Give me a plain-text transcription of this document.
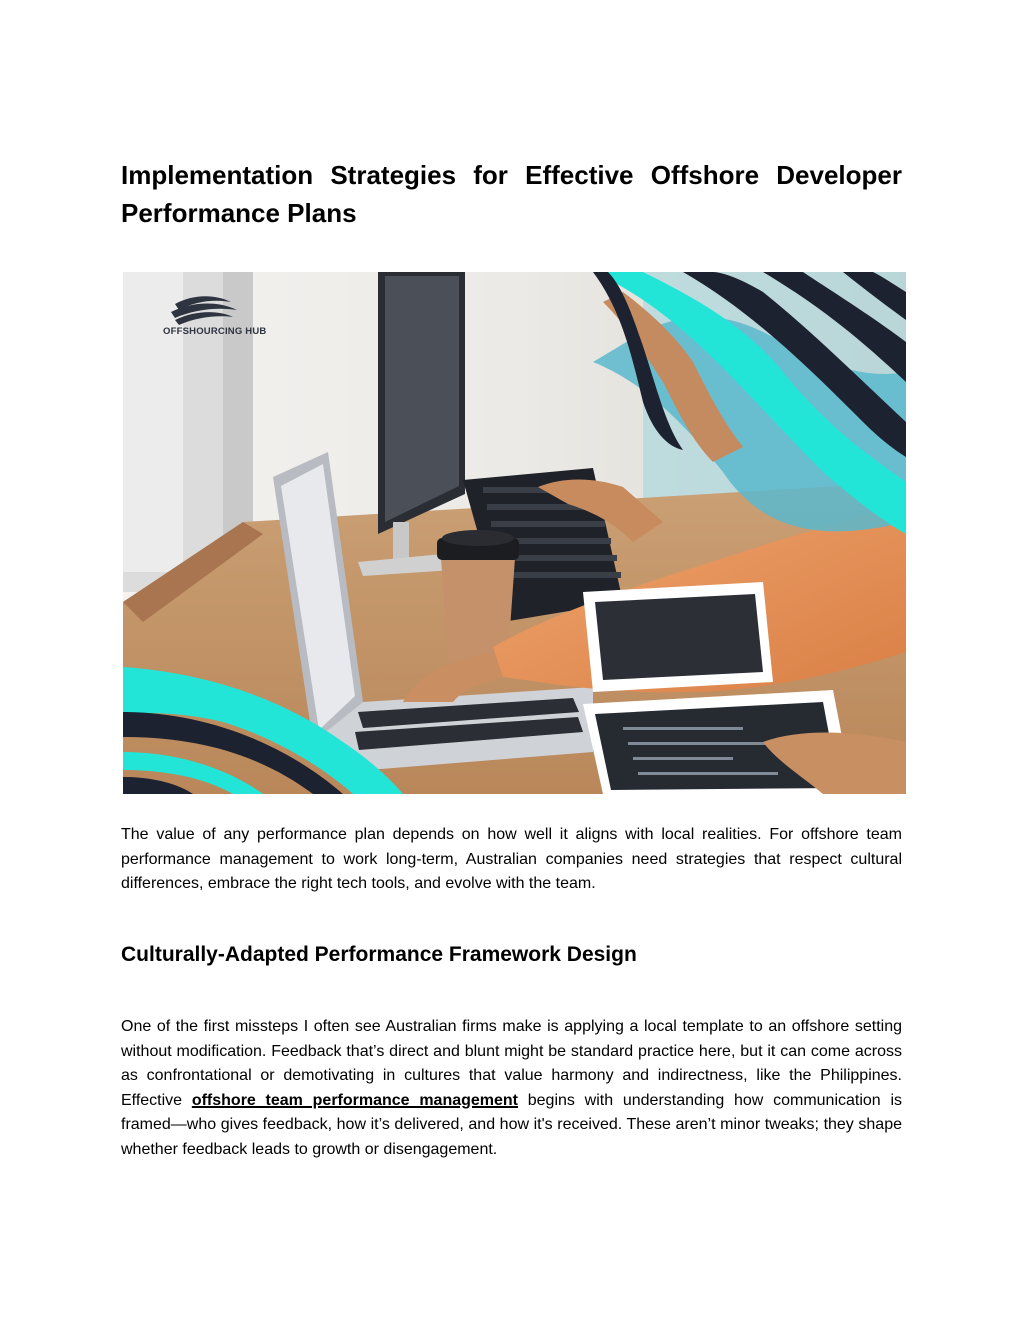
Implementation Strategies for Effective Offshore Developer Performance Plans
OFFSHOURCING HUB

The value of any performance plan depends on how well it aligns with local realities. For offshore team performance management to work long-term, Australian companies need strategies that respect cultural differences, embrace the right tech tools, and evolve with the team.

Culturally-Adapted Performance Framework Design

One of the first missteps I often see Australian firms make is applying a local template to an offshore setting without modification. Feedback that’s direct and blunt might be standard practice here, but it can come across as confrontational or demotivating in cultures that value harmony and indirectness, like the Philippines. Effective offshore team performance management begins with understanding how communication is framed—who gives feedback, how it’s delivered, and how it's received. These aren’t minor tweaks; they shape whether feedback leads to growth or disengagement.
